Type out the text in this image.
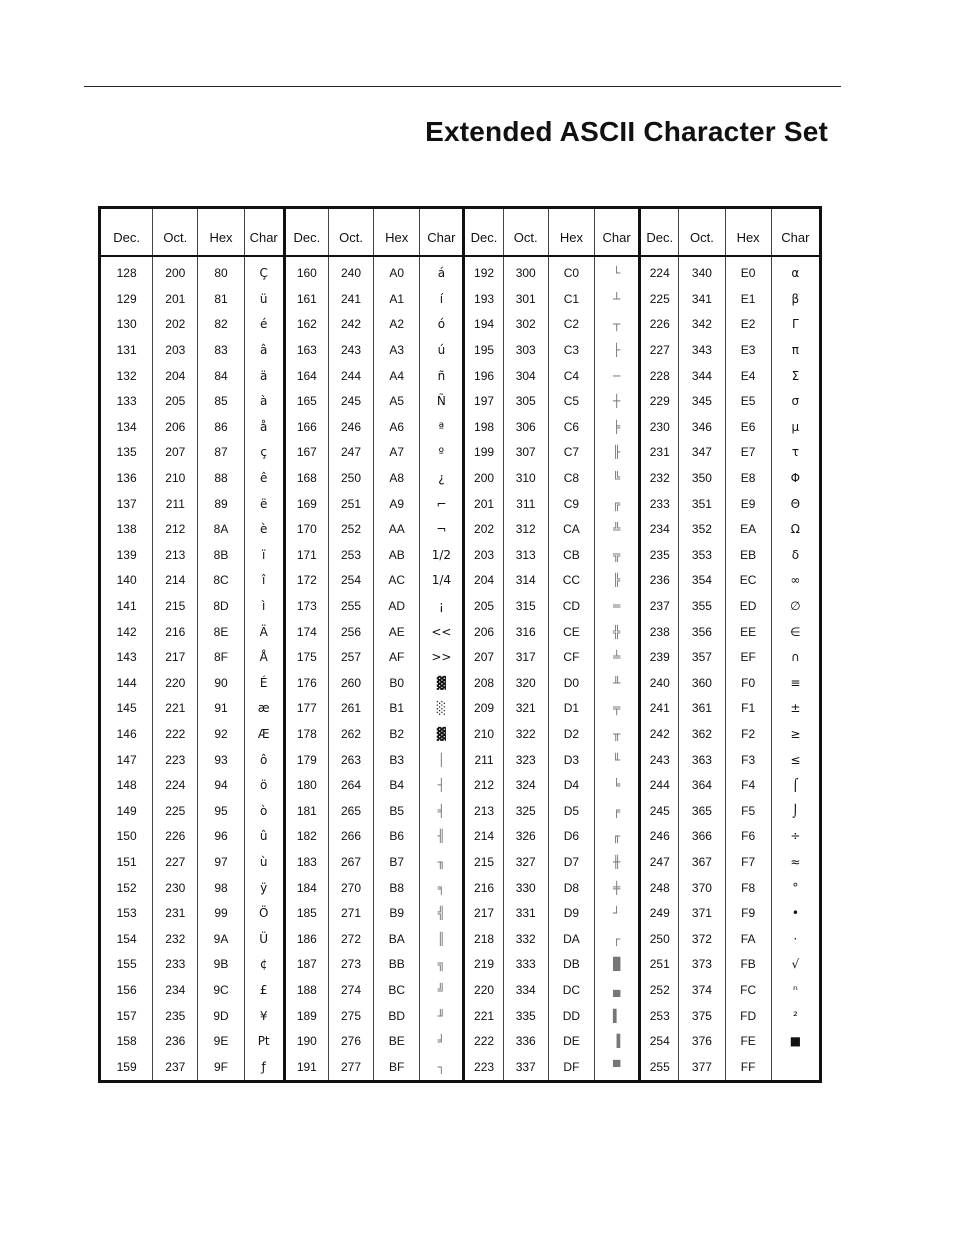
Extended ASCII Character Set
Dec.	Oct.	Hex	Char	Dec.	Oct.	Hex	Char	Dec.	Oct.	Hex	Char	Dec.	Oct.	Hex	Char
128	200	80	Ç	160	240	A0	á	192	300	C0	└	224	340	E0	α
129	201	81	ü	161	241	A1	í	193	301	C1	┴	225	341	E1	β
130	202	82	é	162	242	A2	ó	194	302	C2	┬	226	342	E2	Γ
131	203	83	â	163	243	A3	ú	195	303	C3	├	227	343	E3	π
132	204	84	ä	164	244	A4	ñ	196	304	C4	─	228	344	E4	Σ
133	205	85	à	165	245	A5	Ñ	197	305	C5	┼	229	345	E5	σ
134	206	86	å	166	246	A6	ª	198	306	C6	╞	230	346	E6	μ
135	207	87	ç	167	247	A7	º	199	307	C7	╟	231	347	E7	τ
136	210	88	ê	168	250	A8	¿	200	310	C8	╚	232	350	E8	Φ
137	211	89	ë	169	251	A9	⌐	201	311	C9	╔	233	351	E9	Θ
138	212	8A	è	170	252	AA	¬	202	312	CA	╩	234	352	EA	Ω
139	213	8B	ï	171	253	AB	1/2	203	313	CB	╦	235	353	EB	δ
140	214	8C	î	172	254	AC	1/4	204	314	CC	╠	236	354	EC	∞
141	215	8D	ì	173	255	AD	¡	205	315	CD	═	237	355	ED	∅
142	216	8E	Ä	174	256	AE	<<	206	316	CE	╬	238	356	EE	∈
143	217	8F	Å	175	257	AF	>>	207	317	CF	╧	239	357	EF	∩
144	220	90	É	176	260	B0	▓	208	320	D0	╨	240	360	F0	≡
145	221	91	æ	177	261	B1	░	209	321	D1	╤	241	361	F1	±
146	222	92	Æ	178	262	B2	▓	210	322	D2	╥	242	362	F2	≥
147	223	93	ô	179	263	B3	│	211	323	D3	╙	243	363	F3	≤
148	224	94	ö	180	264	B4	┤	212	324	D4	╘	244	364	F4	⌠
149	225	95	ò	181	265	B5	╡	213	325	D5	╒	245	365	F5	⌡
150	226	96	û	182	266	B6	╢	214	326	D6	╓	246	366	F6	÷
151	227	97	ù	183	267	B7	╖	215	327	D7	╫	247	367	F7	≈
152	230	98	ÿ	184	270	B8	╕	216	330	D8	╪	248	370	F8	°
153	231	99	Ö	185	271	B9	╣	217	331	D9	┘	249	371	F9	•
154	232	9A	Ü	186	272	BA	║	218	332	DA	┌	250	372	FA	·
155	233	9B	¢	187	273	BB	╗	219	333	DB	█	251	373	FB	√
156	234	9C	£	188	274	BC	╝	220	334	DC	▄	252	374	FC	ⁿ
157	235	9D	¥	189	275	BD	╜	221	335	DD	▌	253	375	FD	²
158	236	9E	Pt	190	276	BE	╛	222	336	DE	▐	254	376	FE	■
159	237	9F	ƒ	191	277	BF	┐	223	337	DF	▀	255	377	FF	
